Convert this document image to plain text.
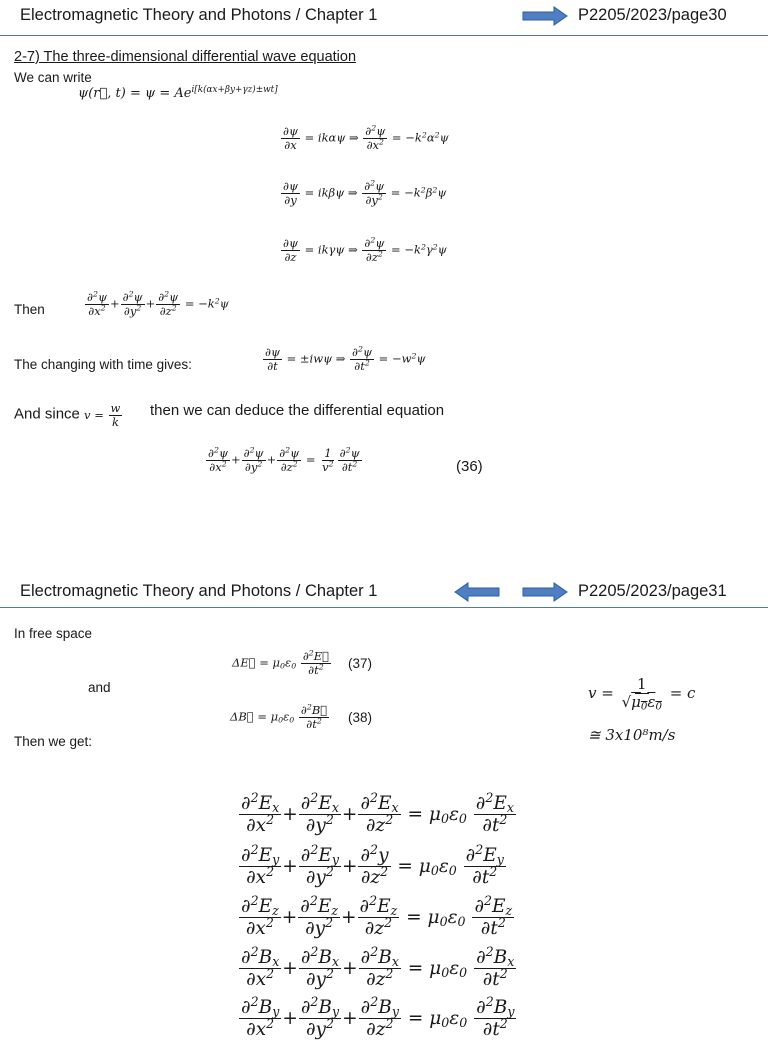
Electromagnetic Theory and Photons / Chapter 1	P2205/2023/page30
2-7) The three-dimensional differential wave equation
We can write
ψ(r⃗, $t) = \psi = Ae^{i[k(\alpha x+\beta y+\gamma z)\pm wt]}$
$\frac{\partial\psi}{\partial x} = ik\alpha\psi$ ⇒ $\frac{\partial^2\psi}{\partial x^2} = -k^2\alpha^2\psi$
$\frac{\partial\psi}{\partial y} = ik\beta\psi$ ⇒ $\frac{\partial^2\psi}{\partial y^2} = -k^2\beta^2\psi$
$\frac{\partial\psi}{\partial z} = ik\gamma\psi$ ⇒ $\frac{\partial^2\psi}{\partial z^2} = -k^2\gamma^2\psi$
Then	$\frac{\partial^2\psi}{\partial x^2} + \frac{\partial^2\psi}{\partial y^2} + \frac{\partial^2\psi}{\partial z^2} = -k^2\psi$
The changing with time gives:	$\frac{\partial\psi}{\partial t} = \pm iw\psi$ ⇒ $\frac{\partial^2\psi}{\partial t^2} = -w^2\psi$
And since $v = \frac{w}{k}$ then we can deduce the differential equation
$\frac{\partial^2\psi}{\partial x^2} + \frac{\partial^2\psi}{\partial y^2} + \frac{\partial^2\psi}{\partial z^2} = \frac{1}{v^2} \frac{\partial^2\psi}{\partial t^2}$	(36)
Electromagnetic Theory and Photons / Chapter 1	P2205/2023/page31
In free space
ΔE⃗ = $\mu_0\varepsilon_0 \frac{\partial^2E⃗}{\partial t^2} (37)$
and
ΔB⃗ = $\mu_0\varepsilon_0 \frac{\partial^2B⃗}{\partial t^2} (38)$
$v = \frac{1}{√\mu_0\varepsilon_0} = c$
≅ 3x10⁸m/s
Then we get:
$\frac{\partial^2E_x}{\partial x^2} + \frac{\partial^2E_x}{\partial y^2} + \frac{\partial^2E_x}{\partial z^2} = \mu_0\varepsilon_0 \frac{\partial^2E_x}{\partial t^2}$
$\frac{\partial^2E_y}{\partial x^2} + \frac{\partial^2E_y}{\partial y^2} + \frac{\partial^2y}{\partial z^2} = \mu_0\varepsilon_0 \frac{\partial^2E_y}{\partial t^2}$
$\frac{\partial^2E_z}{\partial x^2} + \frac{\partial^2E_z}{\partial y^2} + \frac{\partial^2E_z}{\partial z^2} = \mu_0\varepsilon_0 \frac{\partial^2E_z}{\partial t^2}$
$\frac{\partial^2B_x}{\partial x^2} + \frac{\partial^2B_x}{\partial y^2} + \frac{\partial^2B_x}{\partial z^2} = \mu_0\varepsilon_0 \frac{\partial^2B_x}{\partial t^2}$
$\frac{\partial^2B_y}{\partial x^2} + \frac{\partial^2B_y}{\partial y^2} + \frac{\partial^2B_y}{\partial z^2} = \mu_0\varepsilon_0 \frac{\partial^2B_y}{\partial t^2}$
